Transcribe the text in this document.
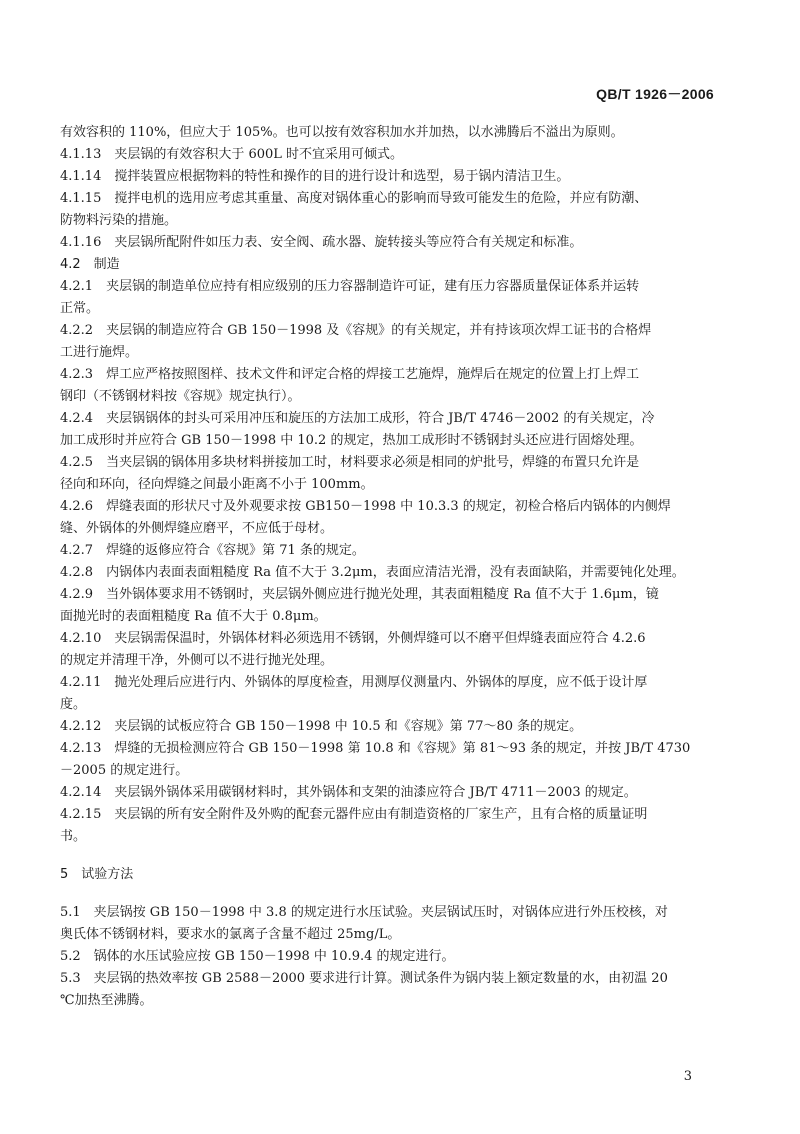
QB/T 1926－2006
有效容积的 110%，但应大于 105%。也可以按有效容积加水并加热，以水沸腾后不溢出为原则。
4.1.13　夹层锅的有效容积大于 600L 时不宜采用可倾式。
4.1.14　搅拌装置应根据物料的特性和操作的目的进行设计和选型，易于锅内清洁卫生。
4.1.15　搅拌电机的选用应考虑其重量、高度对锅体重心的影响而导致可能发生的危险，并应有防潮、
防物料污染的措施。
4.1.16　夹层锅所配附件如压力表、安全阀、疏水器、旋转接头等应符合有关规定和标准。
4.2　制造
4.2.1　夹层锅的制造单位应持有相应级别的压力容器制造许可证，建有压力容器质量保证体系并运转
正常。
4.2.2　夹层锅的制造应符合 GB 150－1998 及《容规》的有关规定，并有持该项次焊工证书的合格焊
工进行施焊。
4.2.3　焊工应严格按照图样、技术文件和评定合格的焊接工艺施焊，施焊后在规定的位置上打上焊工
钢印（不锈钢材料按《容规》规定执行）。
4.2.4　夹层锅锅体的封头可采用冲压和旋压的方法加工成形，符合 JB/T 4746－2002 的有关规定，冷
加工成形时并应符合 GB 150－1998 中 10.2 的规定，热加工成形时不锈钢封头还应进行固熔处理。
4.2.5　当夹层锅的锅体用多块材料拼接加工时，材料要求必须是相同的炉批号，焊缝的布置只允许是
径向和环向，径向焊缝之间最小距离不小于 100mm。
4.2.6　焊缝表面的形状尺寸及外观要求按 GB150－1998 中 10.3.3 的规定，初检合格后内锅体的内侧焊
缝、外锅体的外侧焊缝应磨平，不应低于母材。
4.2.7　焊缝的返修应符合《容规》第 71 条的规定。
4.2.8　内锅体内表面表面粗糙度 Ra 值不大于 3.2μm，表面应清洁光滑，没有表面缺陷，并需要钝化处理。
4.2.9　当外锅体要求用不锈钢时，夹层锅外侧应进行抛光处理，其表面粗糙度 Ra 值不大于 1.6μm，镜
面抛光时的表面粗糙度 Ra 值不大于 0.8μm。
4.2.10　夹层锅需保温时，外锅体材料必须选用不锈钢，外侧焊缝可以不磨平但焊缝表面应符合 4.2.6
的规定并清理干净，外侧可以不进行抛光处理。
4.2.11　抛光处理后应进行内、外锅体的厚度检查，用测厚仪测量内、外锅体的厚度，应不低于设计厚
度。
4.2.12　夹层锅的试板应符合 GB 150－1998 中 10.5 和《容规》第 77～80 条的规定。
4.2.13　焊缝的无损检测应符合 GB 150－1998 第 10.8 和《容规》第 81～93 条的规定，并按 JB/T 4730
－2005 的规定进行。
4.2.14　夹层锅外锅体采用碳钢材料时，其外锅体和支架的油漆应符合 JB/T 4711－2003 的规定。
4.2.15　夹层锅的所有安全附件及外购的配套元器件应由有制造资格的厂家生产，且有合格的质量证明
书。
5　试验方法
5.1　夹层锅按 GB 150－1998 中 3.8 的规定进行水压试验。夹层锅试压时，对锅体应进行外压校核，对
奥氏体不锈钢材料，要求水的氯离子含量不超过 25mg/L。
5.2　锅体的水压试验应按 GB 150－1998 中 10.9.4 的规定进行。
5.3　夹层锅的热效率按 GB 2588－2000 要求进行计算。测试条件为锅内装上额定数量的水，由初温 20
℃加热至沸腾。
3
